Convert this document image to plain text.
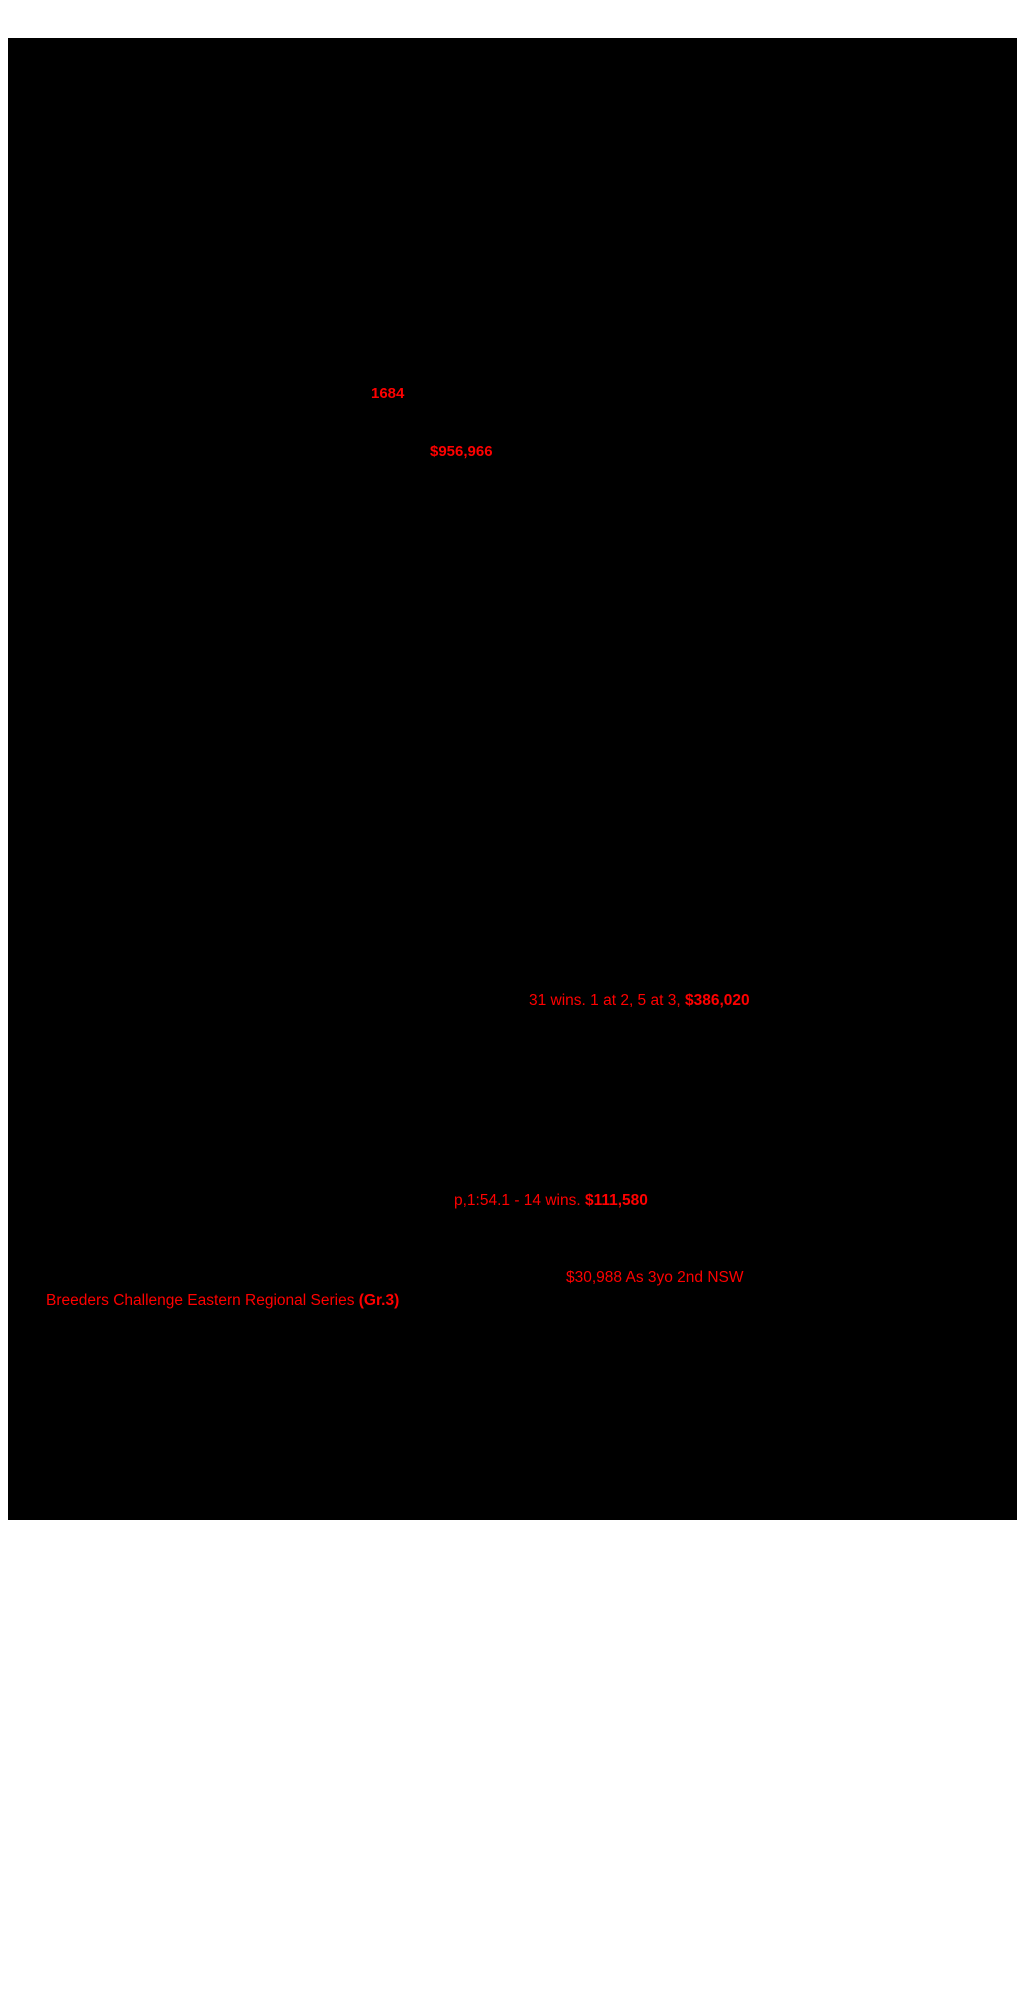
1684
$956,966
31 wins. 1 at 2, 5 at 3, $386,020
p,1:54.1 - 14 wins. $111,580
$30,988 As 3yo 2nd NSW
Breeders Challenge Eastern Regional Series (Gr.3)
